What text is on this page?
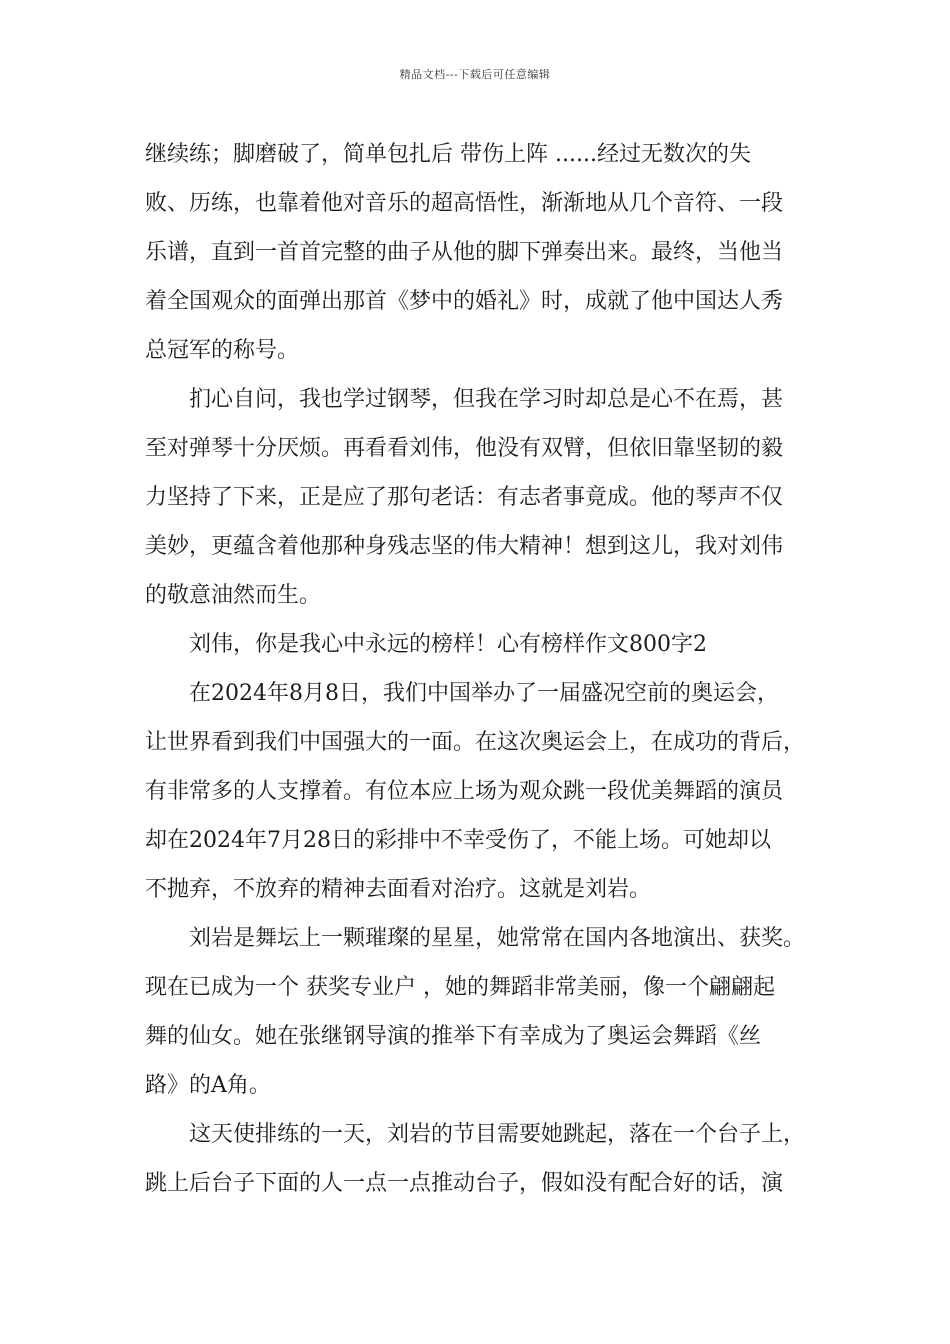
精品文档---下载后可任意编辑
继续练；脚磨破了，简单包扎后 带伤上阵 ......经过无数次的失
败、历练，也靠着他对音乐的超高悟性，渐渐地从几个音符、一段
乐谱，直到一首首完整的曲子从他的脚下弹奏出来。最终，当他当
着全国观众的面弹出那首《梦中的婚礼》时，成就了他中国达人秀
总冠军的称号。
扪心自问，我也学过钢琴，但我在学习时却总是心不在焉，甚
至对弹琴十分厌烦。再看看刘伟，他没有双臂，但依旧靠坚韧的毅
力坚持了下来，正是应了那句老话：有志者事竟成。他的琴声不仅
美妙，更蕴含着他那种身残志坚的伟大精神！想到这儿，我对刘伟
的敬意油然而生。
刘伟，你是我心中永远的榜样！心有榜样作文800字2
在2024年8月8日，我们中国举办了一届盛况空前的奥运会，
让世界看到我们中国强大的一面。在这次奥运会上，在成功的背后，
有非常多的人支撑着。有位本应上场为观众跳一段优美舞蹈的演员
却在2024年7月28日的彩排中不幸受伤了，不能上场。可她却以
不抛弃，不放弃的精神去面看对治疗。这就是刘岩。
刘岩是舞坛上一颗璀璨的星星，她常常在国内各地演出、获奖。
现在已成为一个 获奖专业户 ，她的舞蹈非常美丽，像一个翩翩起
舞的仙女。她在张继钢导演的推举下有幸成为了奥运会舞蹈《丝
路》的A角。
这天使排练的一天，刘岩的节目需要她跳起，落在一个台子上，
跳上后台子下面的人一点一点推动台子，假如没有配合好的话，演
